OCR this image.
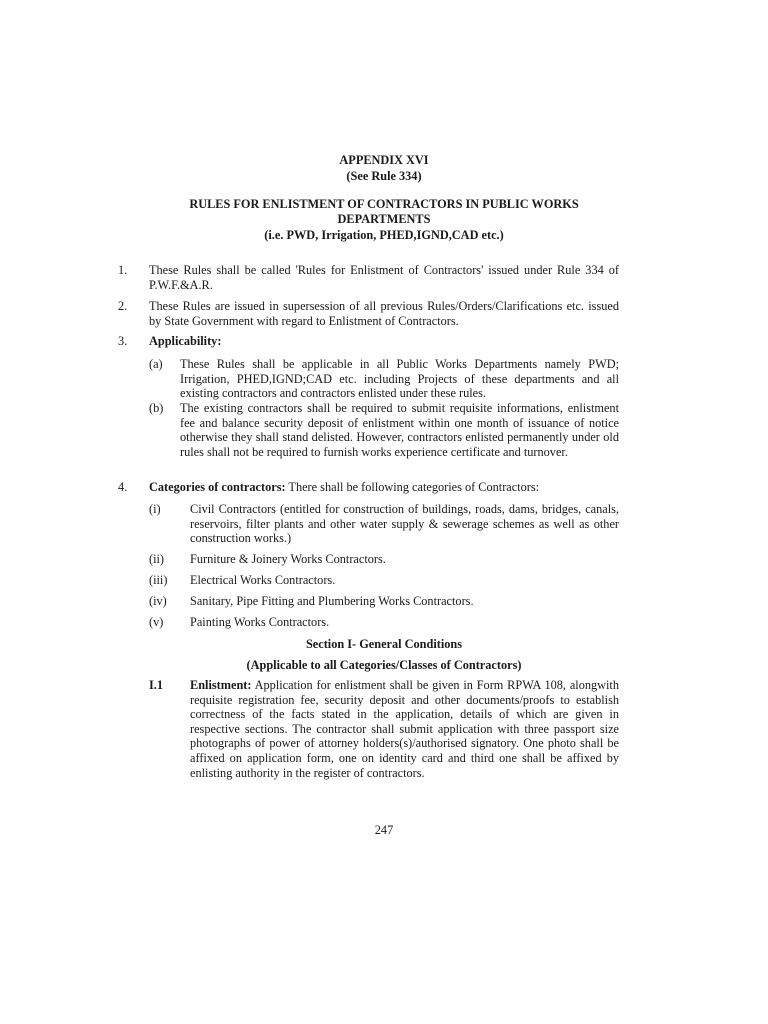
APPENDIX XVI
(See Rule 334)
RULES FOR ENLISTMENT OF CONTRACTORS IN PUBLIC WORKS
DEPARTMENTS
(i.e. PWD, Irrigation, PHED,IGND,CAD etc.)
1. These Rules shall be called 'Rules for Enlistment of Contractors' issued under Rule 334 of P.W.F.&A.R.

2. These Rules are issued in supersession of all previous Rules/Orders/Clarifications etc. issued by State Government with regard to Enlistment of Contractors.

3. Applicability:
(a) These Rules shall be applicable in all Public Works Departments namely PWD; Irrigation, PHED,IGND;CAD etc. including Projects of these departments and all existing contractors and contractors enlisted under these rules.

(b) The existing contractors shall be required to submit requisite informations, enlistment fee and balance security deposit of enlistment within one month of issuance of notice otherwise they shall stand delisted. However, contractors enlisted permanently under old rules shall not be required to furnish works experience certificate and turnover.

4. Categories of contractors: There shall be following categories of Contractors:
(i) Civil Contractors (entitled for construction of buildings, roads, dams, bridges, canals, reservoirs, filter plants and other water supply & sewerage schemes as well as other construction works.)

(ii) Furniture & Joinery Works Contractors.

(iii) Electrical Works Contractors.

(iv) Sanitary, Pipe Fitting and Plumbering Works Contractors.

(v) Painting Works Contractors.

Section I- General Conditions
(Applicable to all Categories/Classes of Contractors)
I.1 Enlistment: Application for enlistment shall be given in Form RPWA 108, alongwith requisite registration fee, security deposit and other documents/proofs to establish correctness of the facts stated in the application, details of which are given in respective sections. The contractor shall submit application with three passport size photographs of power of attorney holders(s)/authorised signatory. One photo shall be affixed on application form, one on identity card and third one shall be affixed by enlisting authority in the register of contractors.

247
